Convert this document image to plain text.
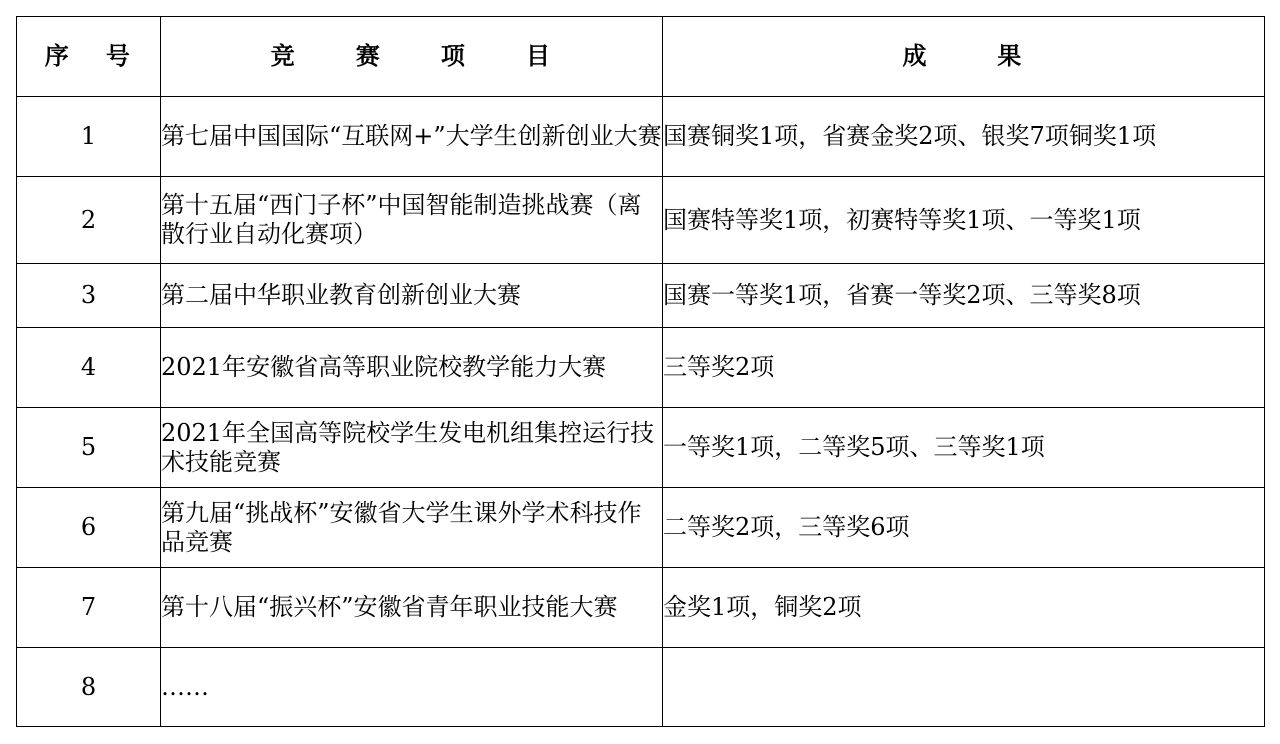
序 号	竞 赛 项 目	成 果
1	第七届中国国际“互联网+”大学生创新创业大赛	国赛铜奖1项，省赛金奖2项、银奖7项铜奖1项
2	第十五届“西门子杯”中国智能制造挑战赛（离散行业自动化赛项）	国赛特等奖1项，初赛特等奖1项、一等奖1项
3	第二届中华职业教育创新创业大赛	国赛一等奖1项，省赛一等奖2项、三等奖8项
4	2021年安徽省高等职业院校教学能力大赛	三等奖2项
5	2021年全国高等院校学生发电机组集控运行技术技能竞赛	一等奖1项，二等奖5项、三等奖1项
6	第九届“挑战杯”安徽省大学生课外学术科技作品竞赛	二等奖2项，三等奖6项
7	第十八届“振兴杯”安徽省青年职业技能大赛	金奖1项，铜奖2项
8	……	
